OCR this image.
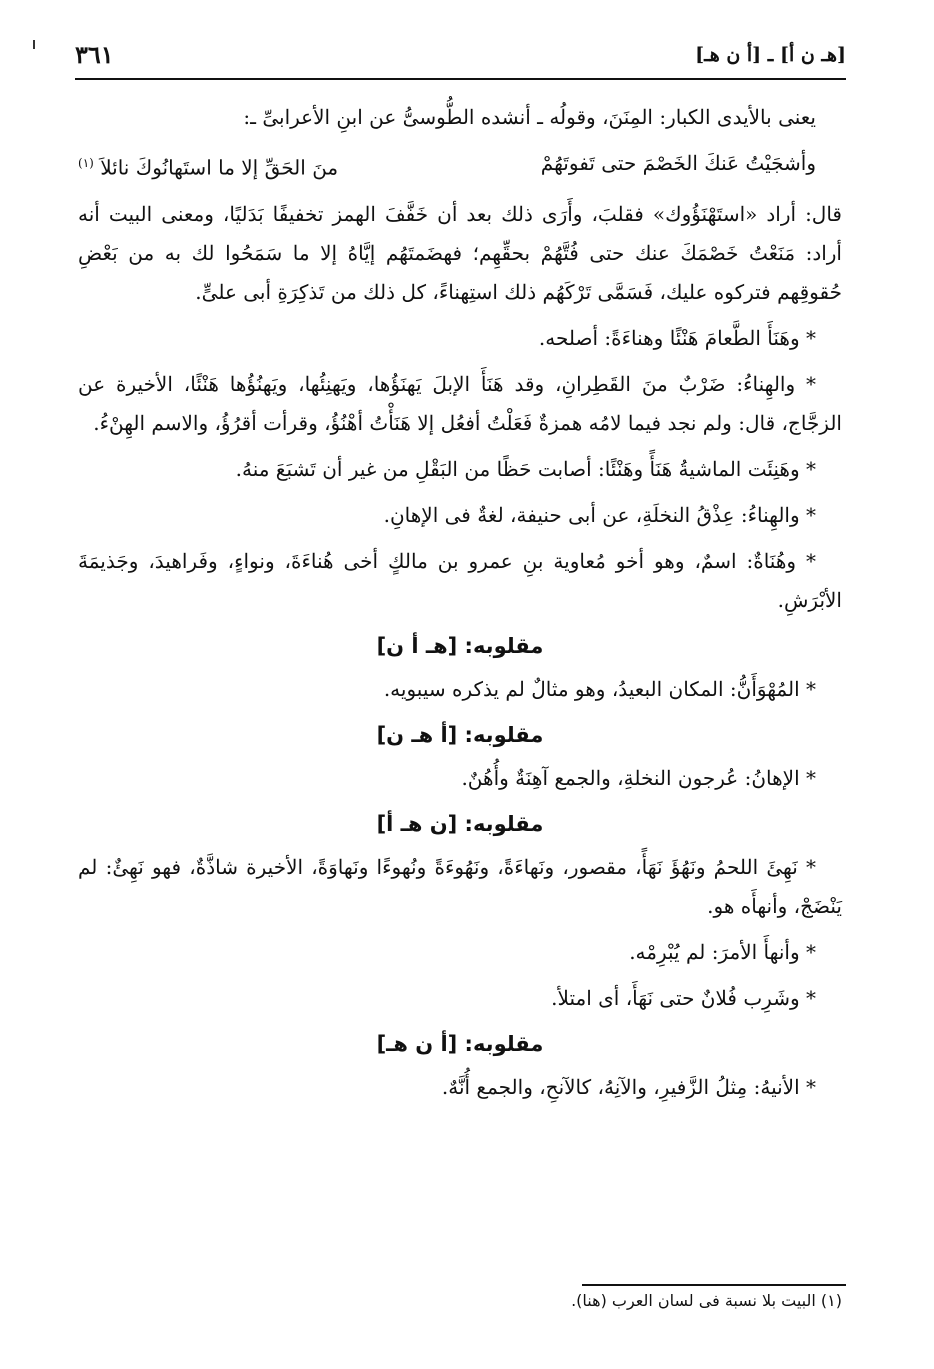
[هـ ن أ] ـ [أ ن هـ]
٣٦١

يعنى بالأيدى الكبار: المِنَنَ، وقولُه ـ أنشده الطُّوسىُّ عن ابنِ الأعرابىِّ ـ:

وأشجَيْتُ عَنكَ الخَصْمَ حتى تَفوتَهُمْ
منَ الحَقِّ إلا ما استَهانُوكَ نائلاَ $^{(١)}$

قال: أراد «استَهْنَؤُوك» فقلبَ، وأَرَى ذلك بعد أن خَفَّفَ الهمز تخفيفًا بَدَليًا، ومعنى البيت أنه أراد: مَنَعْتُ خَصْمَكَ عنك حتى فُتَّهُمْ بحقِّهِم؛ فهضَمتَهُم إيَّاهُ إلا ما سَمَحُوا لك به من بَعْضِ حُقوقِهم فتركوه عليك، فَسَمَّى تَرْكَهُم ذلك استِهناءً، كل ذلك من تَذكِرَةِ أبى علىٍّ.

* وهَنَأَ الطَّعامَ هَنْئًا وهناءَةً: أصلحه.

* والهِناءُ: ضَرْبٌ منَ القَطِرانِ، وقد هَنَأَ الإبلَ يَهنَؤُها، ويَهنِئُها، ويَهنُؤُها هَنْئًا، الأخيرة عن الزجَّاج، قال: ولم نجد فيما لامُه همزةٌ فَعَلْتُ أفعُل إلا هَنَأْتُ أهْنُؤُ، وقرأت أقرُؤُ، والاسم الهِنْءُ.

* وهَنِئَت الماشيةُ هَنَأً وهَنْئًا: أصابت حَظًا من البَقْلِ من غير أن تَشبَعَ منهُ.

* والهِناءُ: عِذْقُ النخلَةِ، عن أبى حنيفة، لغةٌ فى الإهانِ.

* وهُنَاةٌ: اسمٌ، وهو أخو مُعاوية بنِ عمرو بن مالكٍ أخى هُناءَةَ، ونواءٍ، وفَراهيدَ، وجَذيمَةَ الأبْرَشِ.

مقلوبه: [هـ أ ن]

* المُهْوَأَنُّ: المكان البعيدُ، وهو مثالٌ لم يذكره سيبويه.

مقلوبه: [أ هـ ن]

* الإهانُ: عُرجون النخلةِ، والجمع آهِنَةٌ وأُهُنٌ.

مقلوبه: [ن هـ أ]

* نَهِئَ اللحمُ ونَهُؤَ نَهَأً، مقصور، ونَهاءَةً، ونَهُوءَةً ونُهوءًا ونَهاوَةً، الأخيرة شاذَّةٌ، فهو نَهِئٌ: لم يَنْضَجْ، وأنهأَه هو.

* وأنهأَ الأمرَ: لم يُبْرِمْه.

* وشَرِب فُلانٌ حتى نَهَأَ، أى امتلأ.

مقلوبه: [أ ن هـ]

* الأنيهُ: مِثلُ الزَّفيرِ، والآنِهُ، كالآنحِ، والجمع أُنَّهٌ.

(١) البيت بلا نسبة فى لسان العرب (هنا).
